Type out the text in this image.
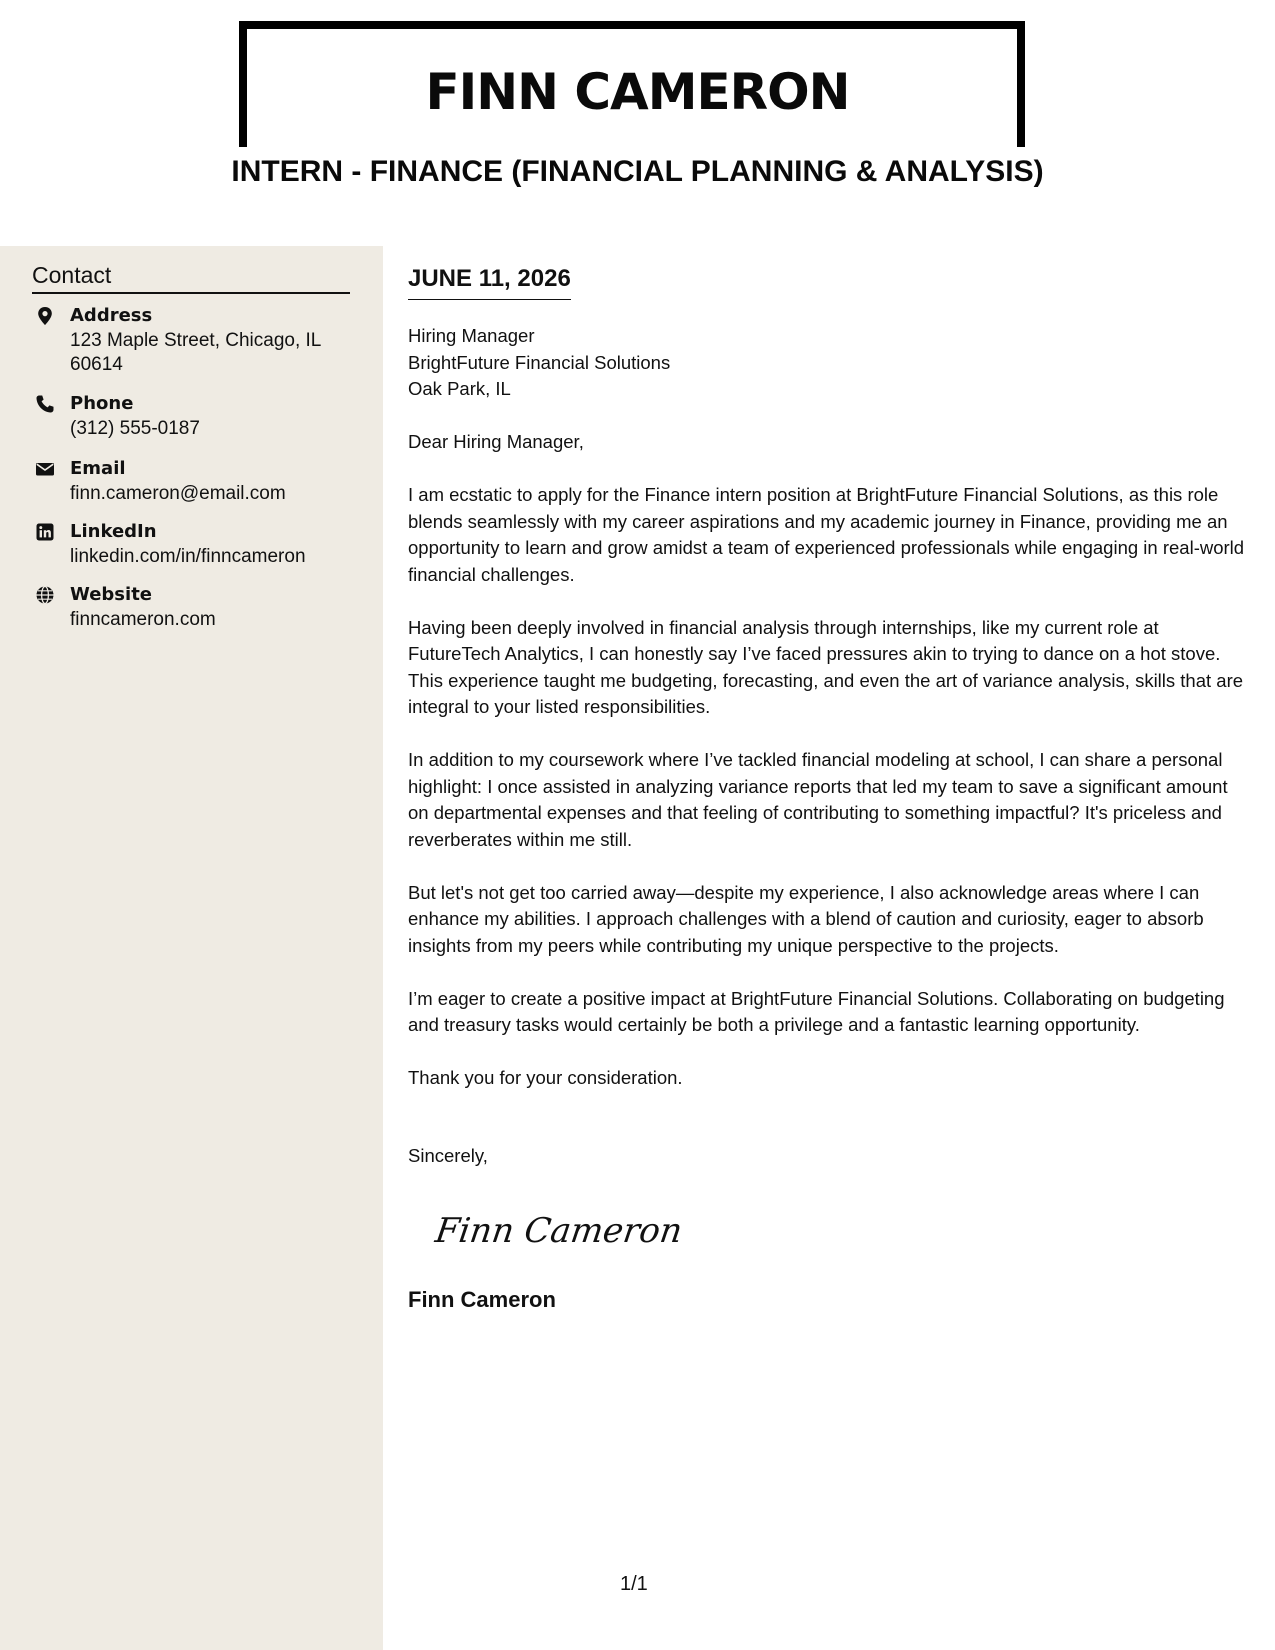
FINN CAMERON
INTERN - FINANCE (FINANCIAL PLANNING & ANALYSIS)
Contact
Address
123 Maple Street, Chicago, IL 60614
Phone
(312) 555-0187
Email
finn.cameron@email.com
LinkedIn
linkedin.com/in/finncameron
Website
finncameron.com
JUNE 11, 2026
Hiring Manager
BrightFuture Financial Solutions
Oak Park, IL
Dear Hiring Manager,

I am ecstatic to apply for the Finance intern position at BrightFuture Financial Solutions, as this role blends seamlessly with my career aspirations and my academic journey in Finance, providing me an opportunity to learn and grow amidst a team of experienced professionals while engaging in real-world financial challenges.

Having been deeply involved in financial analysis through internships, like my current role at FutureTech Analytics, I can honestly say I’ve faced pressures akin to trying to dance on a hot stove. This experience taught me budgeting, forecasting, and even the art of variance analysis, skills that are integral to your listed responsibilities.

In addition to my coursework where I’ve tackled financial modeling at school, I can share a personal highlight: I once assisted in analyzing variance reports that led my team to save a significant amount on departmental expenses and that feeling of contributing to something impactful? It's priceless and reverberates within me still.

But let's not get too carried away—despite my experience, I also acknowledge areas where I can enhance my abilities. I approach challenges with a blend of caution and curiosity, eager to absorb insights from my peers while contributing my unique perspective to the projects.

I’m eager to create a positive impact at BrightFuture Financial Solutions. Collaborating on budgeting and treasury tasks would certainly be both a privilege and a fantastic learning opportunity.

Thank you for your consideration.

Sincerely,
Finn Cameron
Finn Cameron
1/1
